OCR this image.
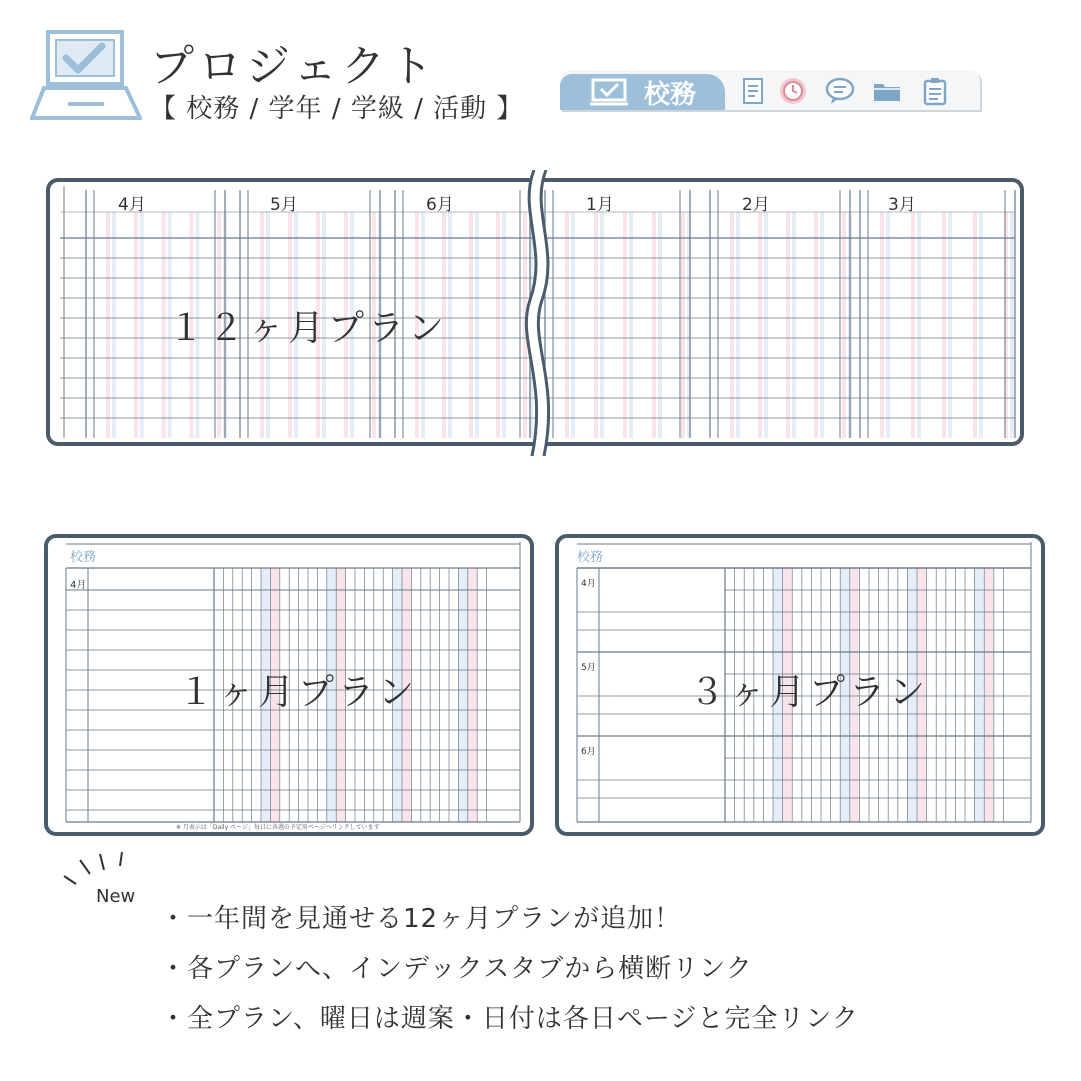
プロジェクト
【 校務 / 学年 / 学級 / 活動 】	校務
4月	5月	6月	1月	2月	3月
１２ヶ月プラン
校務
4月
１ヶ月プラン
※ 月表示は「Daily ページ」毎日に各週の予定用ページへリンクしています
校務
4月
5月
6月
３ヶ月プラン
New
・一年間を見通せる12ヶ月プランが追加！
・各プランへ、インデックスタブから横断リンク
・全プラン、曜日は週案・日付は各日ページと完全リンク
